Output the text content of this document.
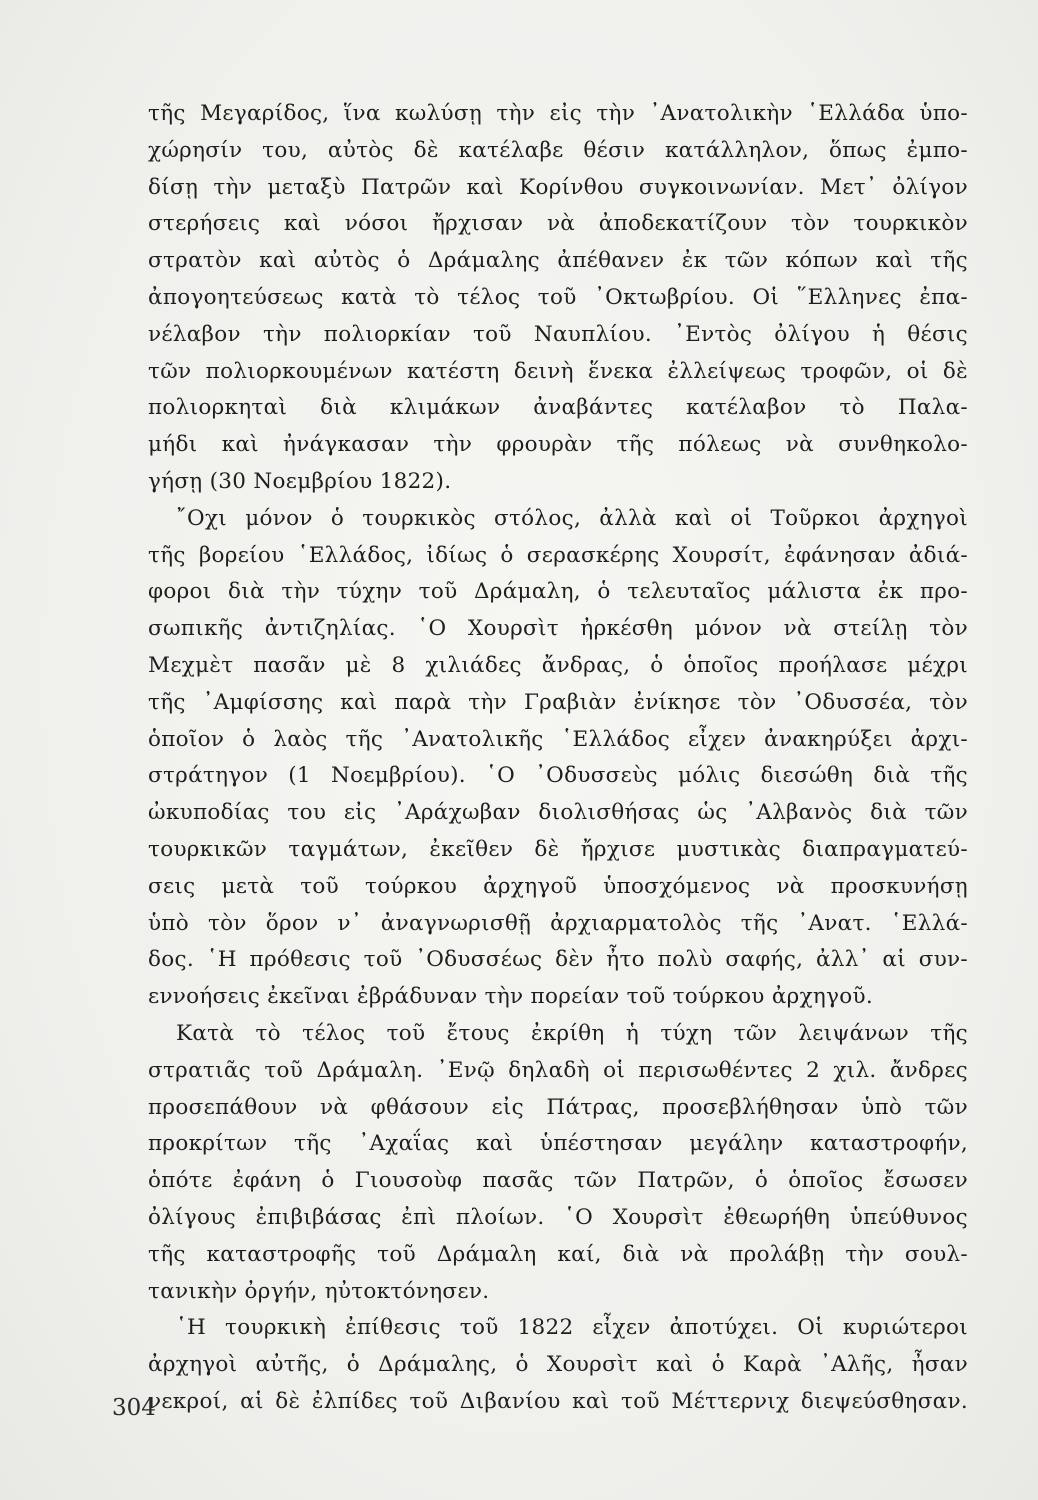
τῆς Μεγαρίδος, ἵνα κωλύσῃ τὴν εἰς τὴν ᾿Ανατολικὴν ῾Ελλάδα ὑπο-
χώρησίν του, αὐτὸς δὲ κατέλαβε θέσιν κατάλληλον, ὅπως ἐμπο-
δίσῃ τὴν μεταξὺ Πατρῶν καὶ Κορίνθου συγκοινωνίαν. Μετ᾿ ὀλίγον
στερήσεις καὶ νόσοι ἤρχισαν νὰ ἀποδεκατίζουν τὸν τουρκικὸν
στρατὸν καὶ αὐτὸς ὁ Δράμαλης ἀπέθανεν ἐκ τῶν κόπων καὶ τῆς
ἀπογοητεύσεως κατὰ τὸ τέλος τοῦ ᾿Οκτωβρίου. Οἱ ῞Ελληνες ἐπα-
νέλαβον τὴν πολιορκίαν τοῦ Ναυπλίου. ᾿Εντὸς ὀλίγου ἡ θέσις
τῶν πολιορκουμένων κατέστη δεινὴ ἕνεκα ἐλλείψεως τροφῶν, οἱ δὲ
πολιορκηταὶ διὰ κλιμάκων ἀναβάντες κατέλαβον τὸ Παλα-
μήδι καὶ ἠνάγκασαν τὴν φρουρὰν τῆς πόλεως νὰ συνθηκολο-
γήσῃ (30 Νοεμβρίου 1822).
῎Οχι μόνον ὁ τουρκικὸς στόλος, ἀλλὰ καὶ οἱ Τοῦρκοι ἀρχηγοὶ
τῆς βορείου ῾Ελλάδος, ἰδίως ὁ σερασκέρης Χουρσίτ, ἐφάνησαν ἀδιά-
φοροι διὰ τὴν τύχην τοῦ Δράμαλη, ὁ τελευταῖος μάλιστα ἐκ προ-
σωπικῆς ἀντιζηλίας. ῾Ο Χουρσὶτ ἠρκέσθη μόνον νὰ στείλῃ τὸν
Μεχμὲτ πασᾶν μὲ 8 χιλιάδες ἄνδρας, ὁ ὁποῖος προήλασε μέχρι
τῆς ᾿Αμφίσσης καὶ παρὰ τὴν Γραβιὰν ἐνίκησε τὸν ᾿Οδυσσέα, τὸν
ὁποῖον ὁ λαὸς τῆς ᾿Ανατολικῆς ῾Ελλάδος εἶχεν ἀνακηρύξει ἀρχι-
στράτηγον (1 Νοεμβρίου). ῾Ο ᾿Οδυσσεὺς μόλις διεσώθη διὰ τῆς
ὠκυποδίας του εἰς ᾿Αράχωβαν διολισθήσας ὡς ᾿Αλβανὸς διὰ τῶν
τουρκικῶν ταγμάτων, ἐκεῖθεν δὲ ἤρχισε μυστικὰς διαπραγματεύ-
σεις μετὰ τοῦ τούρκου ἀρχηγοῦ ὑποσχόμενος νὰ προσκυνήσῃ
ὑπὸ τὸν ὅρον ν᾿ ἀναγνωρισθῇ ἀρχιαρματολὸς τῆς ᾿Ανατ. ῾Ελλά-
δος. ῾Η πρόθεσις τοῦ ᾿Οδυσσέως δὲν ἦτο πολὺ σαφής, ἀλλ᾿ αἱ συν-
εννοήσεις ἐκεῖναι ἐβράδυναν τὴν πορείαν τοῦ τούρκου ἀρχηγοῦ.
Κατὰ τὸ τέλος τοῦ ἔτους ἐκρίθη ἡ τύχη τῶν λειψάνων τῆς
στρατιᾶς τοῦ Δράμαλη. ᾿Ενῷ δηλαδὴ οἱ περισωθέντες 2 χιλ. ἄνδρες
προσεπάθουν νὰ φθάσουν εἰς Πάτρας, προσεβλήθησαν ὑπὸ τῶν
προκρίτων τῆς ᾿Αχαΐας καὶ ὑπέστησαν μεγάλην καταστροφήν,
ὁπότε ἐφάνη ὁ Γιουσοὺφ πασᾶς τῶν Πατρῶν, ὁ ὁποῖος ἔσωσεν
ὀλίγους ἐπιβιβάσας ἐπὶ πλοίων. ῾Ο Χουρσὶτ ἐθεωρήθη ὑπεύθυνος
τῆς καταστροφῆς τοῦ Δράμαλη καί, διὰ νὰ προλάβῃ τὴν σουλ-
τανικὴν ὀργήν, ηὐτοκτόνησεν.
῾Η τουρκικὴ ἐπίθεσις τοῦ 1822 εἶχεν ἀποτύχει. Οἱ κυριώτεροι
ἀρχηγοὶ αὐτῆς, ὁ Δράμαλης, ὁ Χουρσὶτ καὶ ὁ Καρὰ ᾿Αλῆς, ἦσαν
νεκροί, αἱ δὲ ἐλπίδες τοῦ Διβανίου καὶ τοῦ Μέττερνιχ διεψεύσθησαν.
304
